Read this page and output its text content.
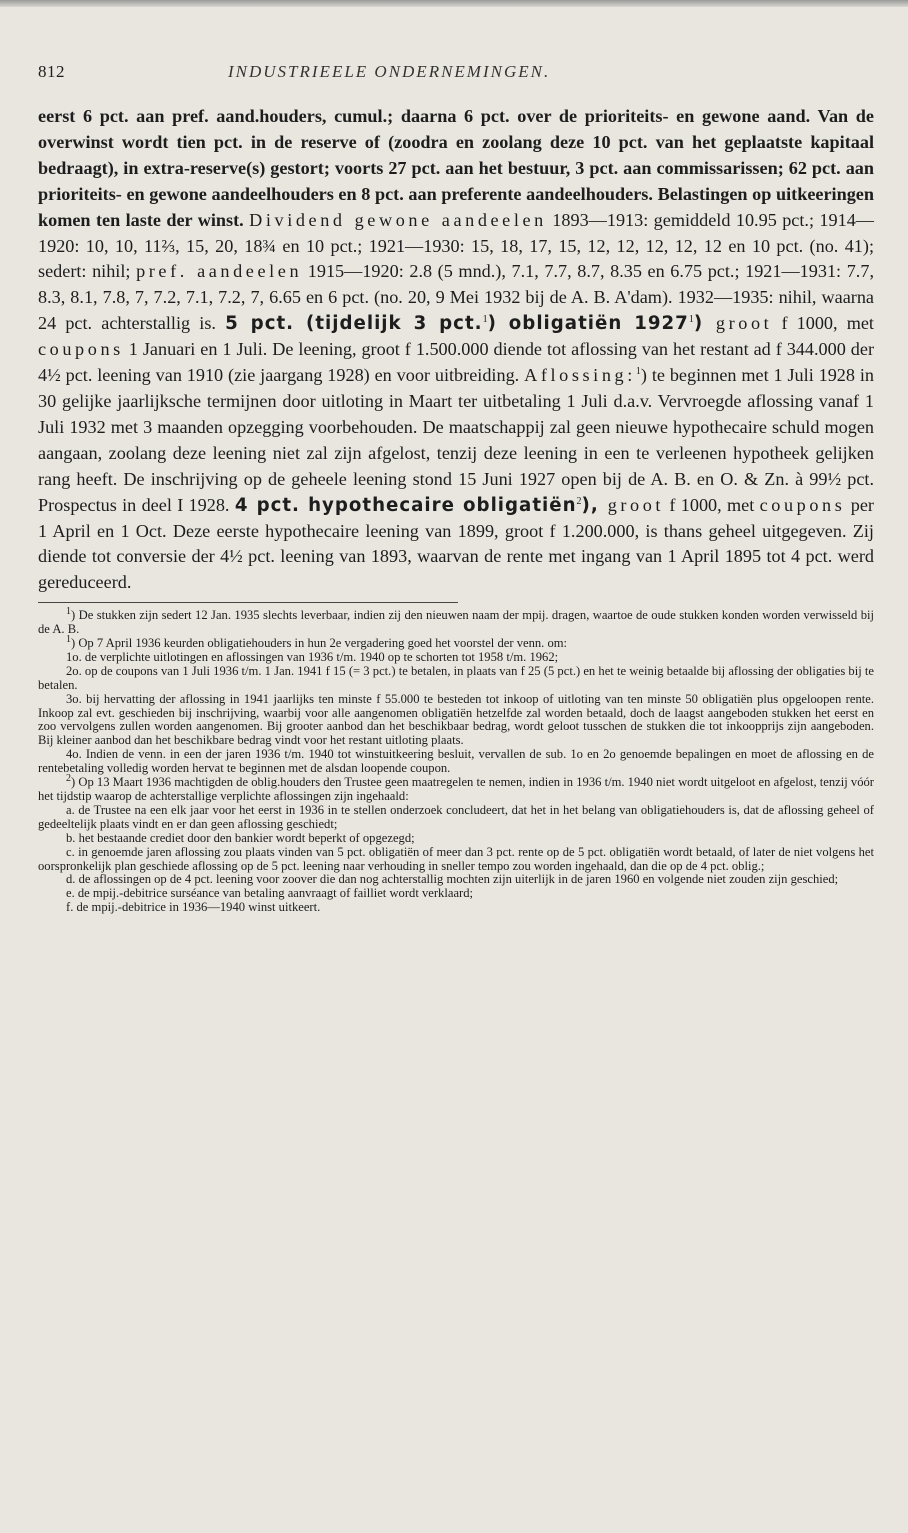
812	INDUSTRIEELE ONDERNEMINGEN.

eerst 6 pct. aan pref. aand.houders, cumul.; daarna 6 pct. over de prioriteits- en gewone aand. Van de overwinst wordt tien pct. in de reserve of (zoodra en zoolang deze 10 pct. van het geplaatste kapitaal bedraagt), in extra-reserve(s) gestort; voorts 27 pct. aan het bestuur, 3 pct. aan commissarissen; 62 pct. aan prioriteits- en gewone aandeelhouders en 8 pct. aan preferente aandeelhouders. Belastingen op uitkeeringen komen ten laste der winst. Dividend gewone aandeelen 1893—1913: gemiddeld 10.95 pct.; 1914—1920: 10, 10, 11⅔, 15, 20, 18¾ en 10 pct.; 1921—1930: 15, 18, 17, 15, 12, 12, 12, 12, 12 en 10 pct. (no. 41); sedert: nihil; pref. aandeelen 1915—1920: 2.8 (5 mnd.), 7.1, 7.7, 8.7, 8.35 en 6.75 pct.; 1921—1931: 7.7, 8.3, 8.1, 7.8, 7, 7.2, 7.1, 7.2, 7, 6.65 en 6 pct. (no. 20, 9 Mei 1932 bij de A. B. A'dam). 1932—1935: nihil, waarna 24 pct. achterstallig is. 5 pct. (tijdelijk 3 pct.$^1$) obligatiën 1927$^1$) groot f 1000, met coupons 1 Januari en 1 Juli. De leening, groot f 1.500.000 diende tot aflossing van het restant ad f 344.000 der 4½ pct. leening van 1910 (zie jaargang 1928) en voor uitbreiding. Aflossing:$^1$) te beginnen met 1 Juli 1928 in 30 gelijke jaarlijksche termijnen door uitloting in Maart ter uitbetaling 1 Juli d.a.v. Vervroegde aflossing vanaf 1 Juli 1932 met 3 maanden opzegging voorbehouden. De maatschappij zal geen nieuwe hypothecaire schuld mogen aangaan, zoolang deze leening niet zal zijn afgelost, tenzij deze leening in een te verleenen hypotheek gelijken rang heeft. De inschrijving op de geheele leening stond 15 Juni 1927 open bij de A. B. en O. & Zn. à 99½ pct. Prospectus in deel I 1928. 4 pct. hypothecaire obligatiën$^2$), groot f 1000, met coupons per 1 April en 1 Oct. Deze eerste hypothecaire leening van 1899, groot f 1.200.000, is thans geheel uitgegeven. Zij diende tot conversie der 4½ pct. leening van 1893, waarvan de rente met ingang van 1 April 1895 tot 4 pct. werd gereduceerd.

$^1$) De stukken zijn sedert 12 Jan. 1935 slechts leverbaar, indien zij den nieuwen naam der mpij. dragen, waartoe de oude stukken konden worden verwisseld bij de A. B.
$^1$) Op 7 April 1936 keurden obligatiehouders in hun 2e vergadering goed het voorstel der venn. om:
1o. de verplichte uitlotingen en aflossingen van 1936 t/m. 1940 op te schorten tot 1958 t/m. 1962;
2o. op de coupons van 1 Juli 1936 t/m. 1 Jan. 1941 f 15 (= 3 pct.) te betalen, in plaats van f 25 (5 pct.) en het te weinig betaalde bij aflossing der obligaties bij te betalen.
3o. bij hervatting der aflossing in 1941 jaarlijks ten minste f 55.000 te besteden tot inkoop of uitloting van ten minste 50 obligatiën plus opgeloopen rente. Inkoop zal evt. geschieden bij inschrijving, waarbij voor alle aangenomen obligatiën hetzelfde zal worden betaald, doch de laagst aangeboden stukken het eerst en zoo vervolgens zullen worden aangenomen. Bij grooter aanbod dan het beschikbaar bedrag, wordt geloot tusschen de stukken die tot inkoopprijs zijn aangeboden. Bij kleiner aanbod dan het beschikbare bedrag vindt voor het restant uitloting plaats.
4o. Indien de venn. in een der jaren 1936 t/m. 1940 tot winstuitkeering besluit, vervallen de sub. 1o en 2o genoemde bepalingen en moet de aflossing en de rentebetaling volledig worden hervat te beginnen met de alsdan loopende coupon.
$^2$) Op 13 Maart 1936 machtigden de oblig.houders den Trustee geen maatregelen te nemen, indien in 1936 t/m. 1940 niet wordt uitgeloot en afgelost, tenzij vóór het tijdstip waarop de achterstallige verplichte aflossingen zijn ingehaald:
a. de Trustee na een elk jaar voor het eerst in 1936 in te stellen onderzoek concludeert, dat het in het belang van obligatiehouders is, dat de aflossing geheel of gedeeltelijk plaats vindt en er dan geen aflossing geschiedt;
b. het bestaande crediet door den bankier wordt beperkt of opgezegd;
c. in genoemde jaren aflossing zou plaats vinden van 5 pct. obligatiën of meer dan 3 pct. rente op de 5 pct. obligatiën wordt betaald, of later de niet volgens het oorspronkelijk plan geschiede aflossing op de 5 pct. leening naar verhouding in sneller tempo zou worden ingehaald, dan die op de 4 pct. oblig.;
d. de aflossingen op de 4 pct. leening voor zoover die dan nog achterstallig mochten zijn uiterlijk in de jaren 1960 en volgende niet zouden zijn geschied;
e. de mpij.-debitrice surséance van betaling aanvraagt of failliet wordt verklaard;
f. de mpij.-debitrice in 1936—1940 winst uitkeert.
